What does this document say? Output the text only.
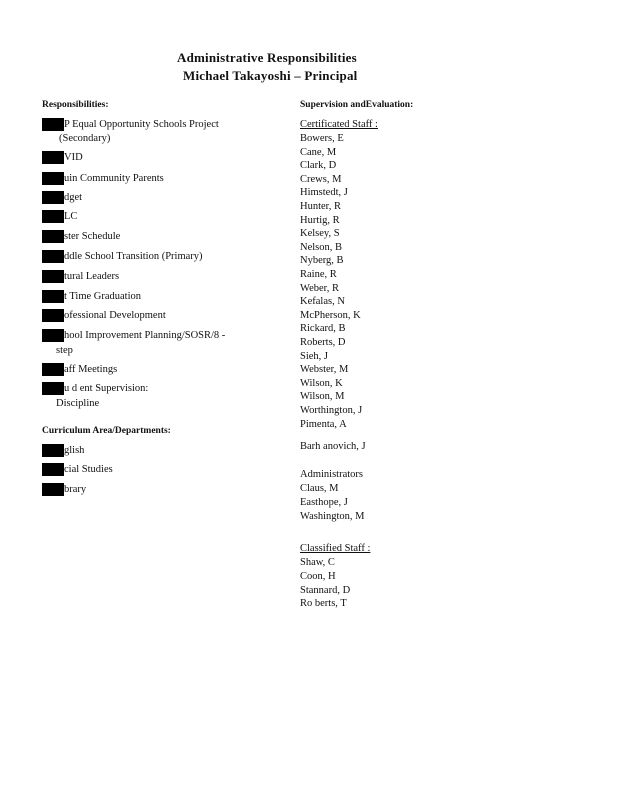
Administrative Responsibilities
Michael Takayoshi – Principal
Responsibilities:
P Equal Opportunity Schools Project
(Secondary)
VID
uin Community Parents
dget
LC
ster Schedule
ddle School Transition (Primary)
tural Leaders
t Time Graduation
ofessional Development
hool Improvement Planning/SOSR/8 -
step
aff Meetings
u d ent Supervision:
Discipline
Curriculum Area/Departments:
glish
cial Studies
brary
Supervision andEvaluation:
Certificated Staff :
Bowers, E
Cane, M
Clark, D
Crews, M
Himstedt, J
Hunter, R
Hurtig, R
Kelsey, S
Nelson, B
Nyberg, B
Raine, R
Weber, R
Kefalas, N
McPherson, K
Rickard, B
Roberts, D
Sieh, J
Webster, M
Wilson, K
Wilson, M
Worthington, J
Pimenta, A
Barh anovich, J
Administrators
Claus, M
Easthope, J
Washington, M
Classified Staff :
Shaw, C
Coon, H
Stannard, D
Ro berts, T
